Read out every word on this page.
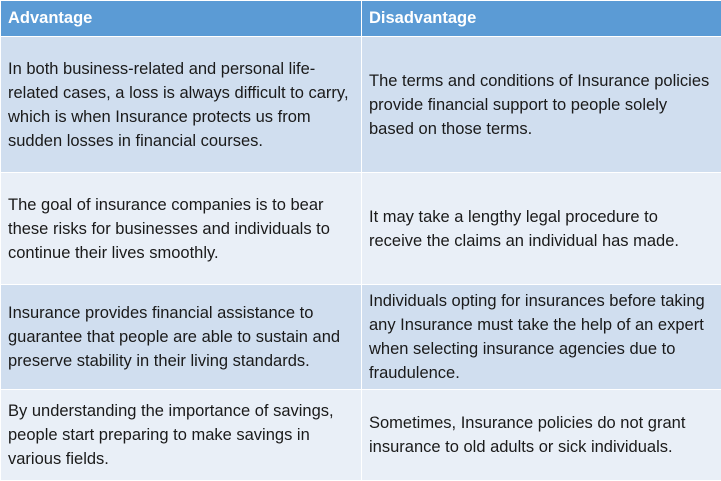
Advantage	Disadvantage
In both business-related and personal life-related cases, a loss is always difficult to carry, which is when Insurance protects us from sudden losses in financial courses.	The terms and conditions of Insurance policies provide financial support to people solely based on those terms.
The goal of insurance companies is to bear these risks for businesses and individuals to continue their lives smoothly.	It may take a lengthy legal procedure to receive the claims an individual has made.
Insurance provides financial assistance to guarantee that people are able to sustain and preserve stability in their living standards.	Individuals opting for insurances before taking any Insurance must take the help of an expert when selecting insurance agencies due to fraudulence.
By understanding the importance of savings, people start preparing to make savings in various fields.	Sometimes, Insurance policies do not grant insurance to old adults or sick individuals.
